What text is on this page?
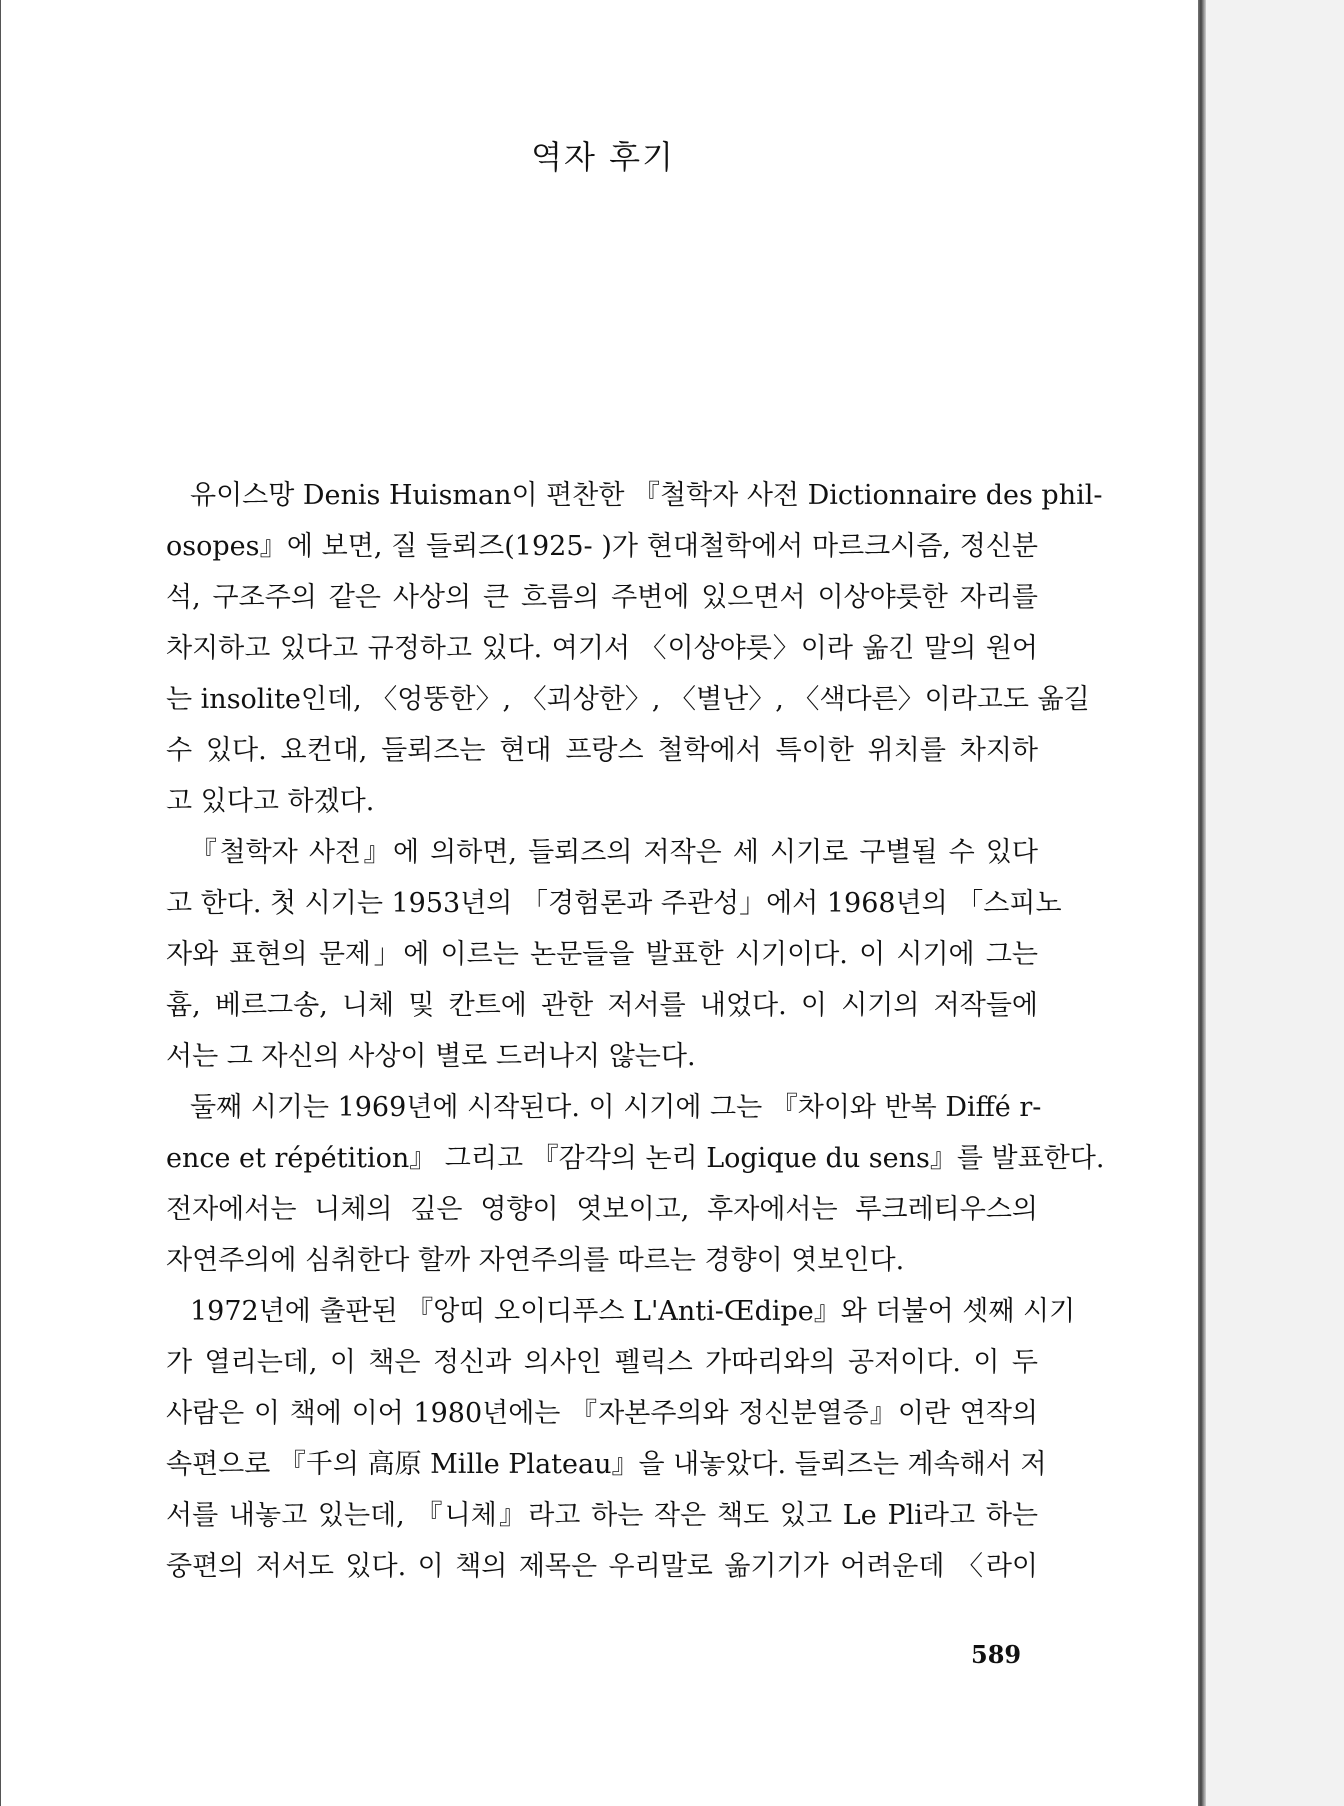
역자 후기
유이스망 Denis Huisman이 편찬한 『철학자 사전 Dictionnaire des phil-
osopes』에 보면, 질 들뢰즈(1925- )가 현대철학에서 마르크시즘, 정신분
석, 구조주의 같은 사상의 큰 흐름의 주변에 있으면서 이상야릇한 자리를
차지하고 있다고 규정하고 있다. 여기서 〈이상야릇〉이라 옮긴 말의 원어
는 insolite인데, 〈엉뚱한〉, 〈괴상한〉, 〈별난〉, 〈색다른〉이라고도 옮길
수 있다. 요컨대, 들뢰즈는 현대 프랑스 철학에서 특이한 위치를 차지하
고 있다고 하겠다.
『철학자 사전』에 의하면, 들뢰즈의 저작은 세 시기로 구별될 수 있다
고 한다. 첫 시기는 1953년의 「경험론과 주관성」에서 1968년의 「스피노
자와 표현의 문제」에 이르는 논문들을 발표한 시기이다. 이 시기에 그는
흄, 베르그송, 니체 및 칸트에 관한 저서를 내었다. 이 시기의 저작들에
서는 그 자신의 사상이 별로 드러나지 않는다.
둘째 시기는 1969년에 시작된다. 이 시기에 그는 『차이와 반복 Diffé r-
ence et répétition』 그리고 『감각의 논리 Logique du sens』를 발표한다.
전자에서는 니체의 깊은 영향이 엿보이고, 후자에서는 루크레티우스의
자연주의에 심취한다 할까 자연주의를 따르는 경향이 엿보인다.
1972년에 출판된 『앙띠 오이디푸스 L'Anti-Œdipe』와 더불어 셋째 시기
가 열리는데, 이 책은 정신과 의사인 펠릭스 가따리와의 공저이다. 이 두
사람은 이 책에 이어 1980년에는 『자본주의와 정신분열증』이란 연작의
속편으로 『千의 高原 Mille Plateau』을 내놓았다. 들뢰즈는 계속해서 저
서를 내놓고 있는데, 『니체』라고 하는 작은 책도 있고 Le Pli라고 하는
중편의 저서도 있다. 이 책의 제목은 우리말로 옮기기가 어려운데 〈라이
589
